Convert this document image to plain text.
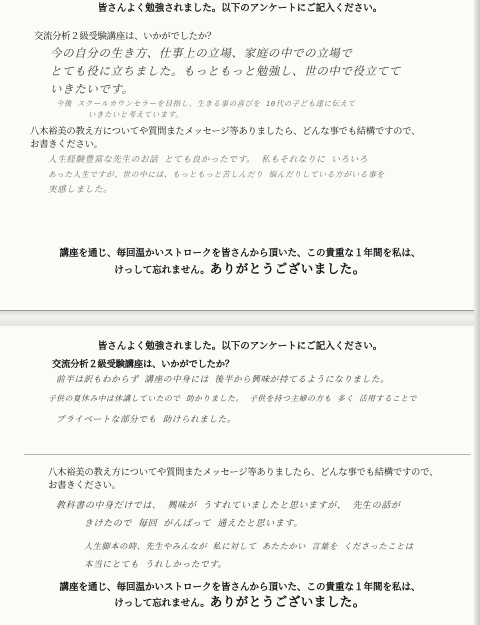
皆さんよく勉強されました。以下のアンケートにご記入ください。
交流分析２級受験講座は、いかがでしたか？
今の自分の生き方、仕事上の立場、家庭の中での立場で
とても役に立ちました。もっともっと勉強し、世の中で役立てて
いきたいです。
今後 スクールカウンセラーを目指し、生きる事の喜びを 10代の子ども達に伝えて
いきたいと考えています。
八木裕美の教え方についてや質問またメッセージ等ありましたら、どんな事でも結構ですので、
お書きください。
人生経験豊富な先生のお話 とても良かったです。 私もそれなりに いろいろ
あった人生ですが、世の中には、もっともっと苦しんだり 悩んだりしている方がいる事を
実感しました。
講座を通じ、毎回温かいストロークを皆さんから頂いた、この貴重な１年間を私は、
けっして忘れません。ありがとうございました。
皆さんよく勉強されました。以下のアンケートにご記入ください。
交流分析２級受験講座は、いかがでしたか？
前半は訳もわからず 講座の中身には 後半から興味が持てるようになりました。
子供の夏休み中は休講していたので 助かりました。 子供を持つ主婦の方も 多く 活用することで
プライベートな部分でも 助けられました。
八木裕美の教え方についてや質問またメッセージ等ありましたら、どんな事でも結構ですので、
お書きください。
教科書の中身だけでは、 興味が うすれていましたと思いますが、 先生の話が
きけたので 毎回 がんばって 通えたと思います。
人生脚本の時、先生やみんなが 私に対して あたたかい 言葉を くださったことは
本当にとても うれしかったです。
講座を通じ、毎回温かいストロークを皆さんから頂いた、この貴重な１年間を私は、
けっして忘れません。ありがとうございました。
